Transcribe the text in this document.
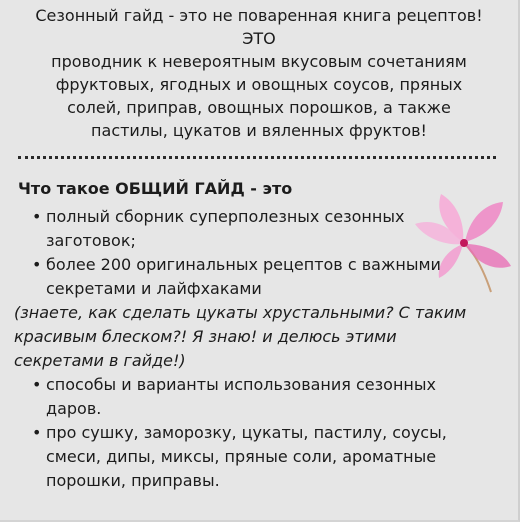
Сезонный гайд - это не поваренная книга рецептов!
ЭТО
проводник к невероятным вкусовым сочетаниям
фруктовых, ягодных и овощных соусов, пряных
солей, приправ, овощных порошков, а также
пастилы, цукатов и вяленных фруктов!
Что такое ОБЩИЙ ГАЙД - это
• полный сборник суперполезных сезонных
заготовок;
• более 200 оригинальных рецептов с важными
секретами и лайфхаками
(знаете, как сделать цукаты хрустальными? С таким
красивым блеском?! Я знаю! и делюсь этими
секретами в гайде!)
• способы и варианты использования сезонных
даров.
• про сушку, заморозку, цукаты, пастилу, соусы,
смеси, дипы, миксы, пряные соли, ароматные
порошки, приправы.
